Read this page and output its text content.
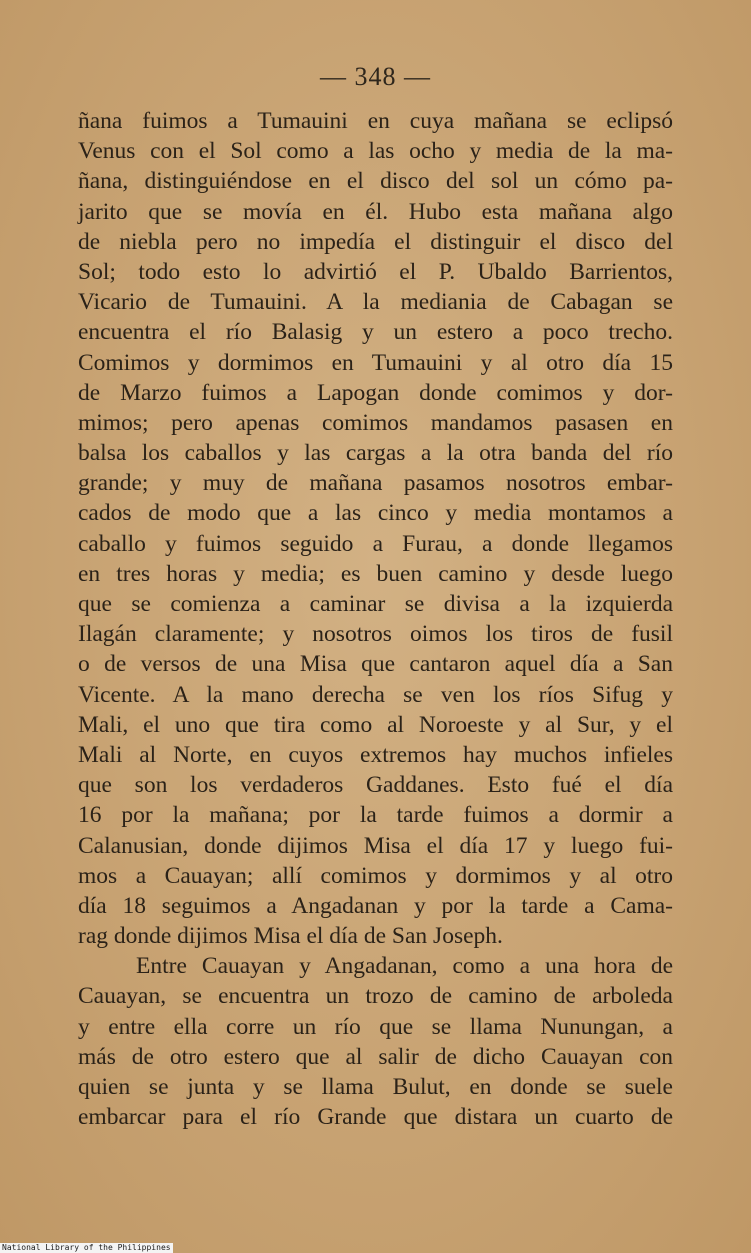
— 348 —
ñana fuimos a Tumauini en cuya mañana se eclipsó
Venus con el Sol como a las ocho y media de la ma-
ñana, distinguiéndose en el disco del sol un cómo pa-
jarito que se movía en él. Hubo esta mañana algo
de niebla pero no impedía el distinguir el disco del
Sol; todo esto lo advirtió el P. Ubaldo Barrientos,
Vicario de Tumauini. A la mediania de Cabagan se
encuentra el río Balasig y un estero a poco trecho.
Comimos y dormimos en Tumauini y al otro día 15
de Marzo fuimos a Lapogan donde comimos y dor-
mimos; pero apenas comimos mandamos pasasen en
balsa los caballos y las cargas a la otra banda del río
grande; y muy de mañana pasamos nosotros embar-
cados de modo que a las cinco y media montamos a
caballo y fuimos seguido a Furau, a donde llegamos
en tres horas y media; es buen camino y desde luego
que se comienza a caminar se divisa a la izquierda
Ilagán claramente; y nosotros oimos los tiros de fusil
o de versos de una Misa que cantaron aquel día a San
Vicente. A la mano derecha se ven los ríos Sifug y
Mali, el uno que tira como al Noroeste y al Sur, y el
Mali al Norte, en cuyos extremos hay muchos infieles
que son los verdaderos Gaddanes. Esto fué el día
16 por la mañana; por la tarde fuimos a dormir a
Calanusian, donde dijimos Misa el día 17 y luego fui-
mos a Cauayan; allí comimos y dormimos y al otro
día 18 seguimos a Angadanan y por la tarde a Cama-
rag donde dijimos Misa el día de San Joseph.
Entre Cauayan y Angadanan, como a una hora de
Cauayan, se encuentra un trozo de camino de arboleda
y entre ella corre un río que se llama Nunungan, a
más de otro estero que al salir de dicho Cauayan con
quien se junta y se llama Bulut, en donde se suele
embarcar para el río Grande que distara un cuarto de
National Library of the Philippines
